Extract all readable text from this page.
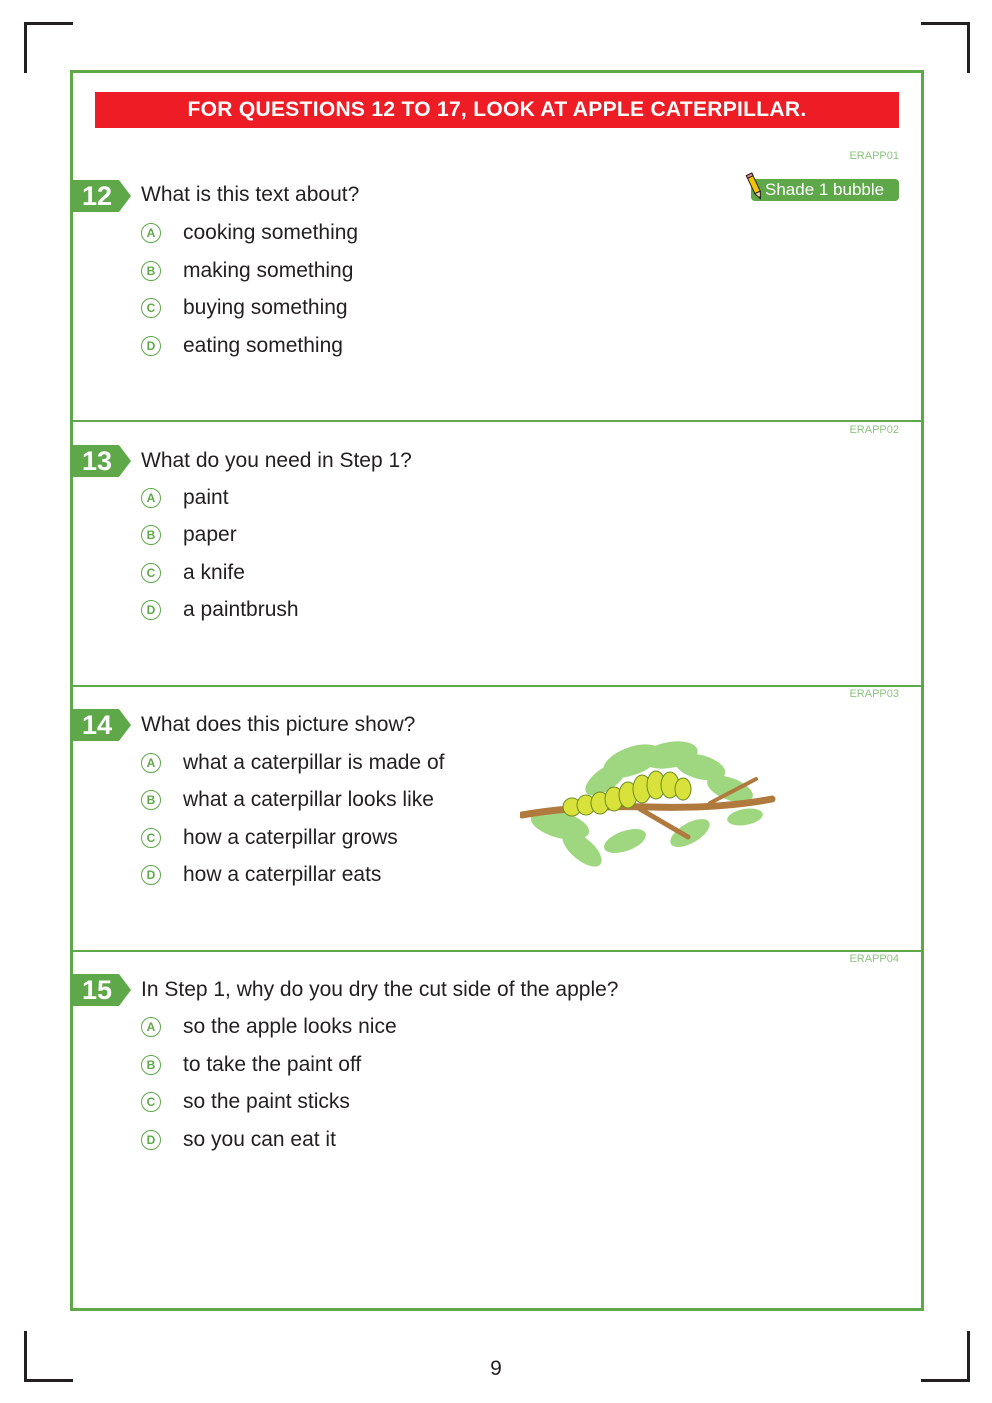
FOR QUESTIONS 12 TO 17, LOOK AT APPLE CATERPILLAR.
ERAPP01
Shade 1 bubble
12	What is this text about?
A cooking something
B making something
C buying something
D eating something
ERAPP02
13	What do you need in Step 1?
A paint
B paper
C a knife
D a paintbrush
ERAPP03
14	What does this picture show?
A what a caterpillar is made of
B what a caterpillar looks like
C how a caterpillar grows
D how a caterpillar eats
ERAPP04
15	In Step 1, why do you dry the cut side of the apple?
A so the apple looks nice
B to take the paint off
C so the paint sticks
D so you can eat it
9
